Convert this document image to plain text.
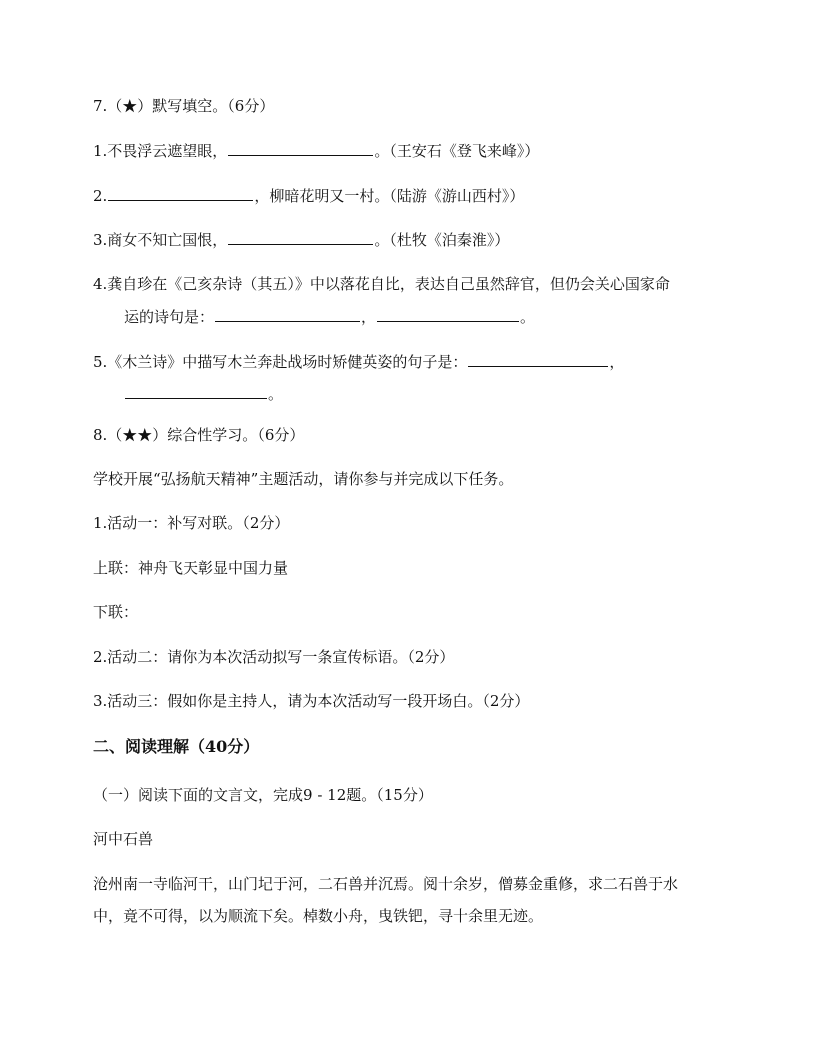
7.（★）默写填空。（6分）
1.不畏浮云遮望眼，	。（王安石《登飞来峰》）
2.	，柳暗花明又一村。（陆游《游山西村》）
3.商女不知亡国恨，	。（杜牧《泊秦淮》）
4.龚自珍在《己亥杂诗（其五）》中以落花自比，表达自己虽然辞官，但仍会关心国家命
运的诗句是：	，	。
5.《木兰诗》中描写木兰奔赴战场时矫健英姿的句子是：	，
。
8.（★★）综合性学习。（6分）
学校开展“弘扬航天精神”主题活动，请你参与并完成以下任务。
1.活动一：补写对联。（2分）
上联：神舟飞天彰显中国力量
下联：
2.活动二：请你为本次活动拟写一条宣传标语。（2分）
3.活动三：假如你是主持人，请为本次活动写一段开场白。（2分）
二、阅读理解（40分）
（一）阅读下面的文言文，完成9 - 12题。（15分）
河中石兽
沧州南一寺临河干，山门圮于河，二石兽并沉焉。阅十余岁，僧募金重修，求二石兽于水
中，竟不可得，以为顺流下矣。棹数小舟，曳铁钯，寻十余里无迹。
